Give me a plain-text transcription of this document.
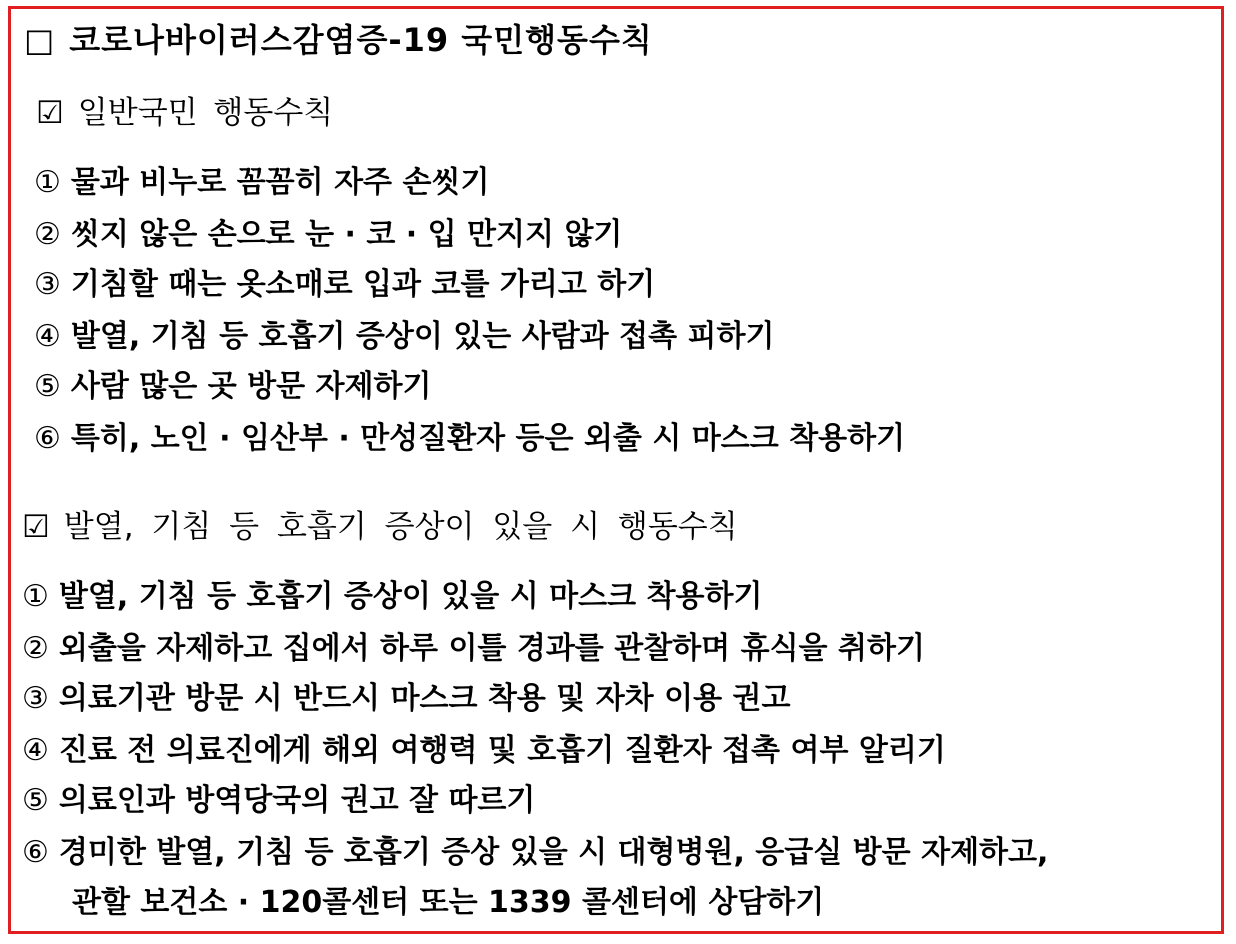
□ 코로나바이러스감염증-19 국민행동수칙
☑ 일반국민 행동수칙
① 물과 비누로 꼼꼼히 자주 손씻기
② 씻지 않은 손으로 눈 · 코 · 입 만지지 않기
③ 기침할 때는 옷소매로 입과 코를 가리고 하기
④ 발열, 기침 등 호흡기 증상이 있는 사람과 접촉 피하기
⑤ 사람 많은 곳 방문 자제하기
⑥ 특히, 노인 · 임산부 · 만성질환자 등은 외출 시 마스크 착용하기
☑ 발열, 기침 등 호흡기 증상이 있을 시 행동수칙
① 발열, 기침 등 호흡기 증상이 있을 시 마스크 착용하기
② 외출을 자제하고 집에서 하루 이틀 경과를 관찰하며 휴식을 취하기
③ 의료기관 방문 시 반드시 마스크 착용 및 자차 이용 권고
④ 진료 전 의료진에게 해외 여행력 및 호흡기 질환자 접촉 여부 알리기
⑤ 의료인과 방역당국의 권고 잘 따르기
⑥ 경미한 발열, 기침 등 호흡기 증상 있을 시 대형병원, 응급실 방문 자제하고,
관할 보건소 · 120콜센터 또는 1339 콜센터에 상담하기
